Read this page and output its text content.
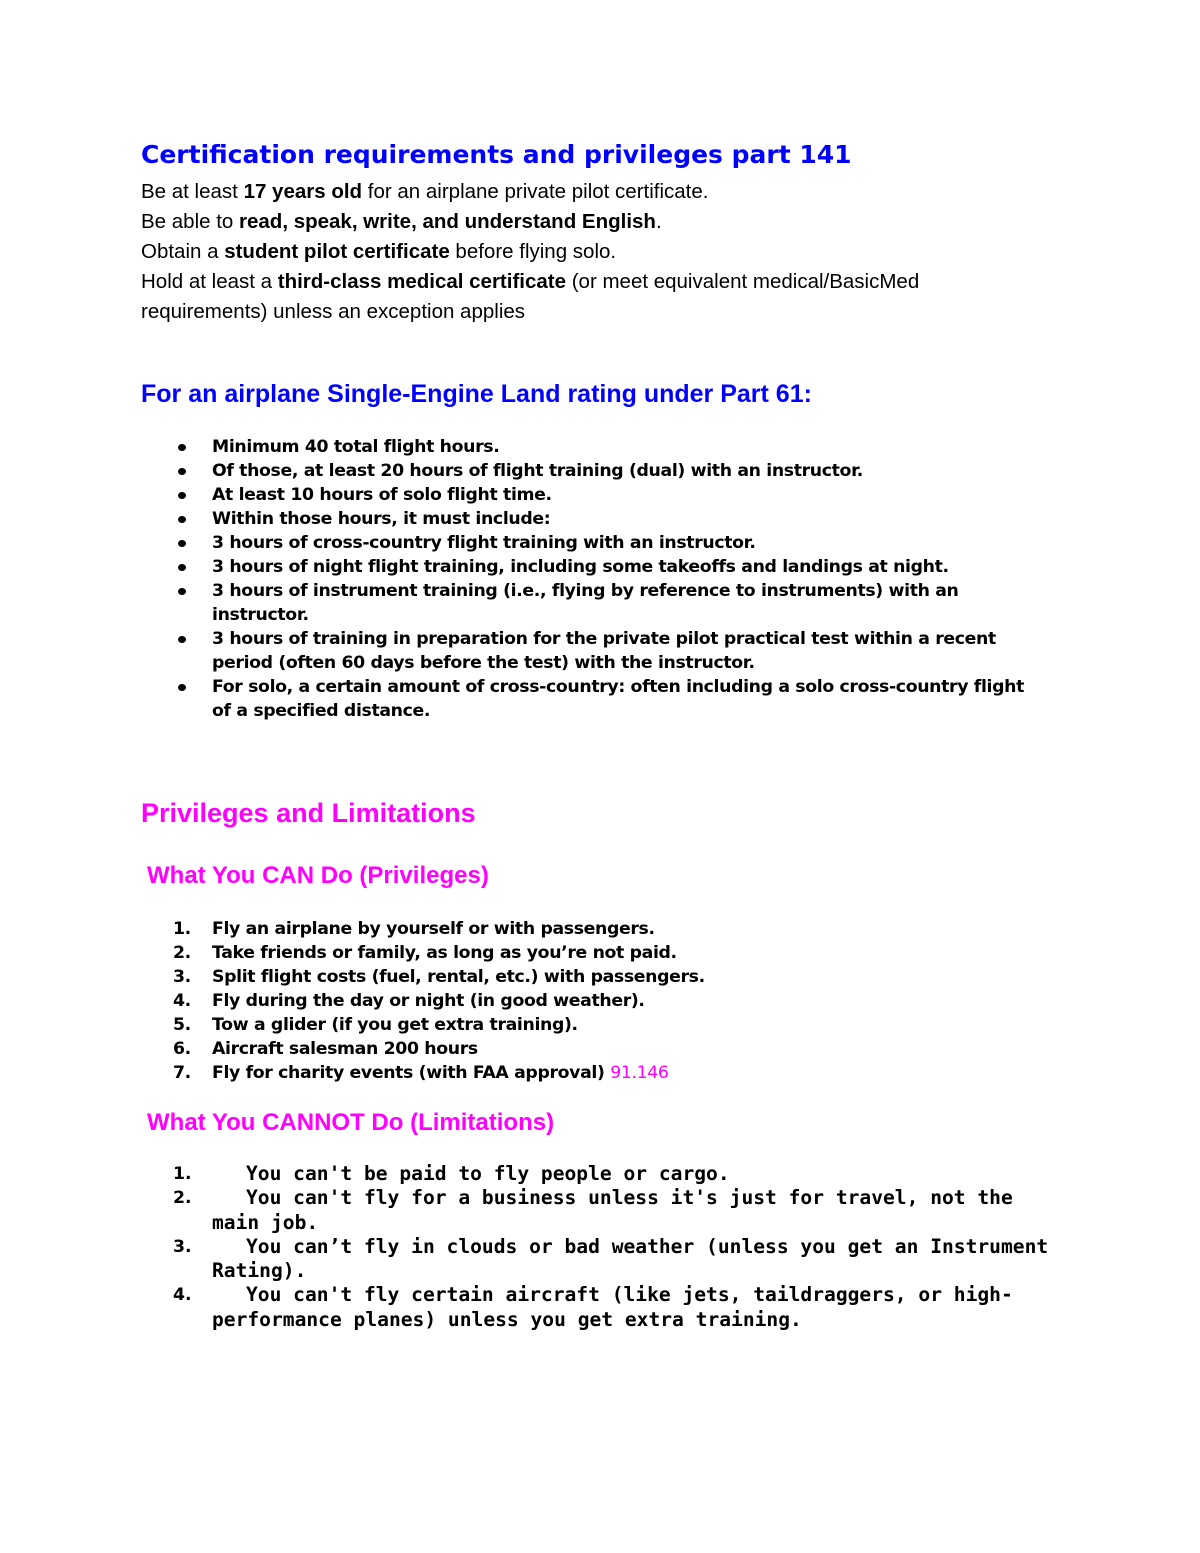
Certification requirements and privileges part 141

Be at least 17 years old for an airplane private pilot certificate.

Be able to read, speak, write, and understand English.

Obtain a student pilot certificate before flying solo.

Hold at least a third-class medical certificate (or meet equivalent medical/BasicMed requirements) unless an exception applies

For an airplane Single-Engine Land rating under Part 61:
Minimum 40 total flight hours.
Of those, at least 20 hours of flight training (dual) with an instructor.
At least 10 hours of solo flight time.
Within those hours, it must include:
3 hours of cross-country flight training with an instructor.
3 hours of night flight training, including some takeoffs and landings at night.
3 hours of instrument training (i.e., flying by reference to instruments) with an instructor.
3 hours of training in preparation for the private pilot practical test within a recent period (often 60 days before the test) with the instructor.
For solo, a certain amount of cross-country: often including a solo cross-country flight of a specified distance.
Privileges and Limitations
What You CAN Do (Privileges)
1. Fly an airplane by yourself or with passengers.
2. Take friends or family, as long as you’re not paid.
3. Split flight costs (fuel, rental, etc.) with passengers.
4. Fly during the day or night (in good weather).
5. Tow a glider (if you get extra training).
6. Aircraft salesman 200 hours
7. Fly for charity events (with FAA approval) 91.146
What You CANNOT Do (Limitations)
1.	You can't be paid to fly people or cargo.
2.	You can't fly for a business unless it's just for travel, not the main job.
3.	You can’t fly in clouds or bad weather (unless you get an Instrument Rating).
4.	You can't fly certain aircraft (like jets, taildraggers, or high-performance planes) unless you get extra training.
